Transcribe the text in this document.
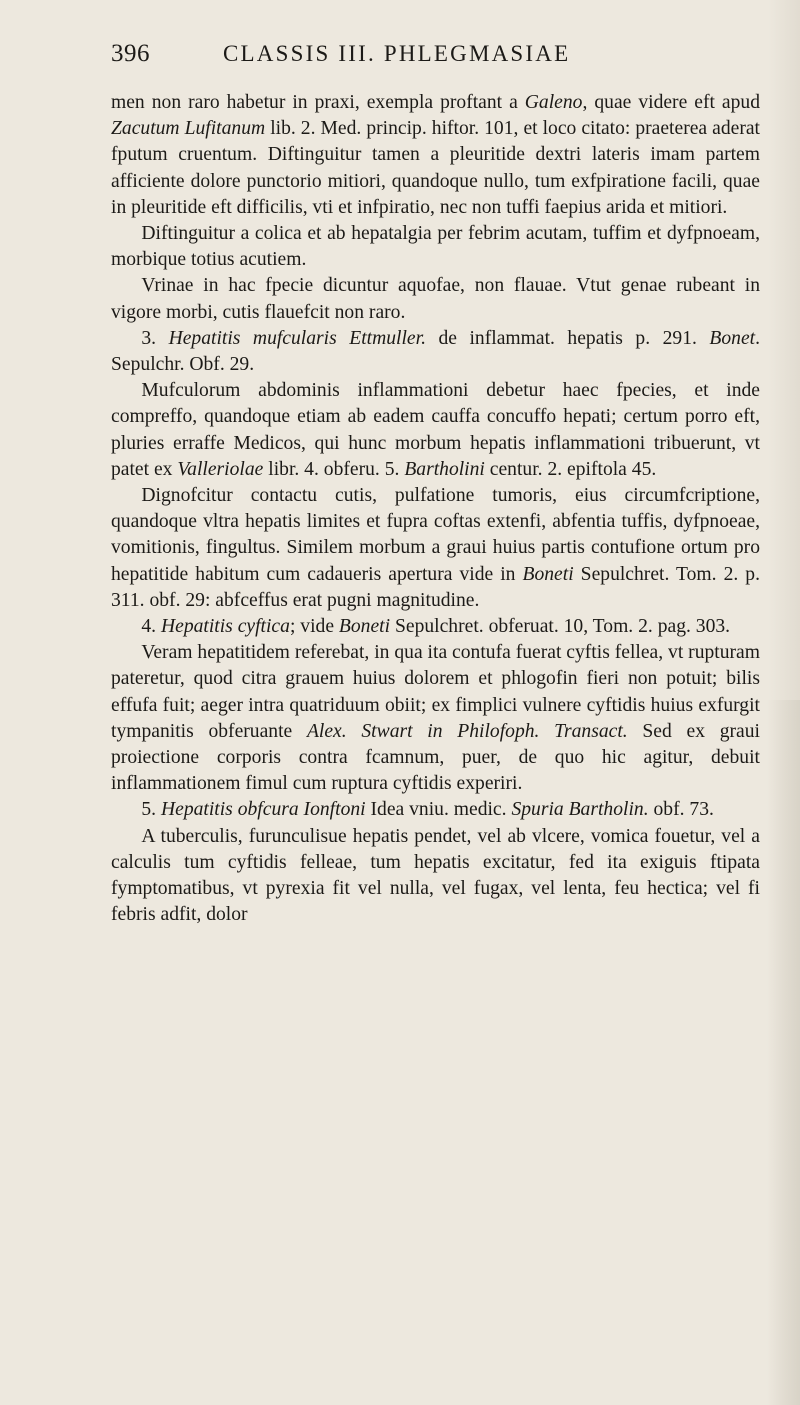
396	CLASSIS III. PHLEGMASIAE

men non raro habetur in praxi, exempla proftant a Galeno, quae videre eft apud Zacutum Lufitanum lib. 2. Med. princip. hiftor. 101, et loco citato: praeterea aderat fputum cruentum. Diftinguitur tamen a pleuritide dextri lateris imam partem afficiente dolore punctorio mitiori, quandoque nullo, tum exfpiratione facili, quae in pleuritide eft difficilis, vti et infpiratio, nec non tuffi faepius arida et mitiori.

Diftinguitur a colica et ab hepatalgia per febrim acutam, tuffim et dyfpnoeam, morbique totius acutiem.

Vrinae in hac fpecie dicuntur aquofae, non flauae. Vtut genae rubeant in vigore morbi, cutis flauefcit non raro.

3. Hepatitis mufcularis Ettmuller. de inflammat. hepatis p. 291. Bonet. Sepulchr. Obf. 29.

Mufculorum abdominis inflammationi debetur haec fpecies, et inde compreffo, quandoque etiam ab eadem cauffa concuffo hepati; certum porro eft, pluries erraffe Medicos, qui hunc morbum hepatis inflammationi tribuerunt, vt patet ex Valleriolae libr. 4. obferu. 5. Bartholini centur. 2. epiftola 45.

Dignofcitur contactu cutis, pulfatione tumoris, eius circumfcriptione, quandoque vltra hepatis limites et fupra coftas extenfi, abfentia tuffis, dyfpnoeae, vomitionis, fingultus. Similem morbum a graui huius partis contufione ortum pro hepatitide habitum cum cadaueris apertura vide in Boneti Sepulchret. Tom. 2. p. 311. obf. 29: abfceffus erat pugni magnitudine.

4. Hepatitis cyftica; vide Boneti Sepulchret. obferuat. 10, Tom. 2. pag. 303.

Veram hepatitidem referebat, in qua ita contufa fuerat cyftis fellea, vt rupturam pateretur, quod citra grauem huius dolorem et phlogofin fieri non potuit; bilis effufa fuit; aeger intra quatriduum obiit; ex fimplici vulnere cyftidis huius exfurgit tympanitis obferuante Alex. Stwart in Philofoph. Transact. Sed ex graui proiectione corporis contra fcamnum, puer, de quo hic agitur, debuit inflammationem fimul cum ruptura cyftidis experiri.

5. Hepatitis obfcura Ionftoni Idea vniu. medic. Spuria Bartholin. obf. 73.

A tuberculis, furunculisue hepatis pendet, vel ab vlcere, vomica fouetur, vel a calculis tum cyftidis felleae, tum hepatis excitatur, fed ita exiguis ftipata fymptomatibus, vt pyrexia fit vel nulla, vel fugax, vel lenta, feu hectica; vel fi febris adfit, dolor
